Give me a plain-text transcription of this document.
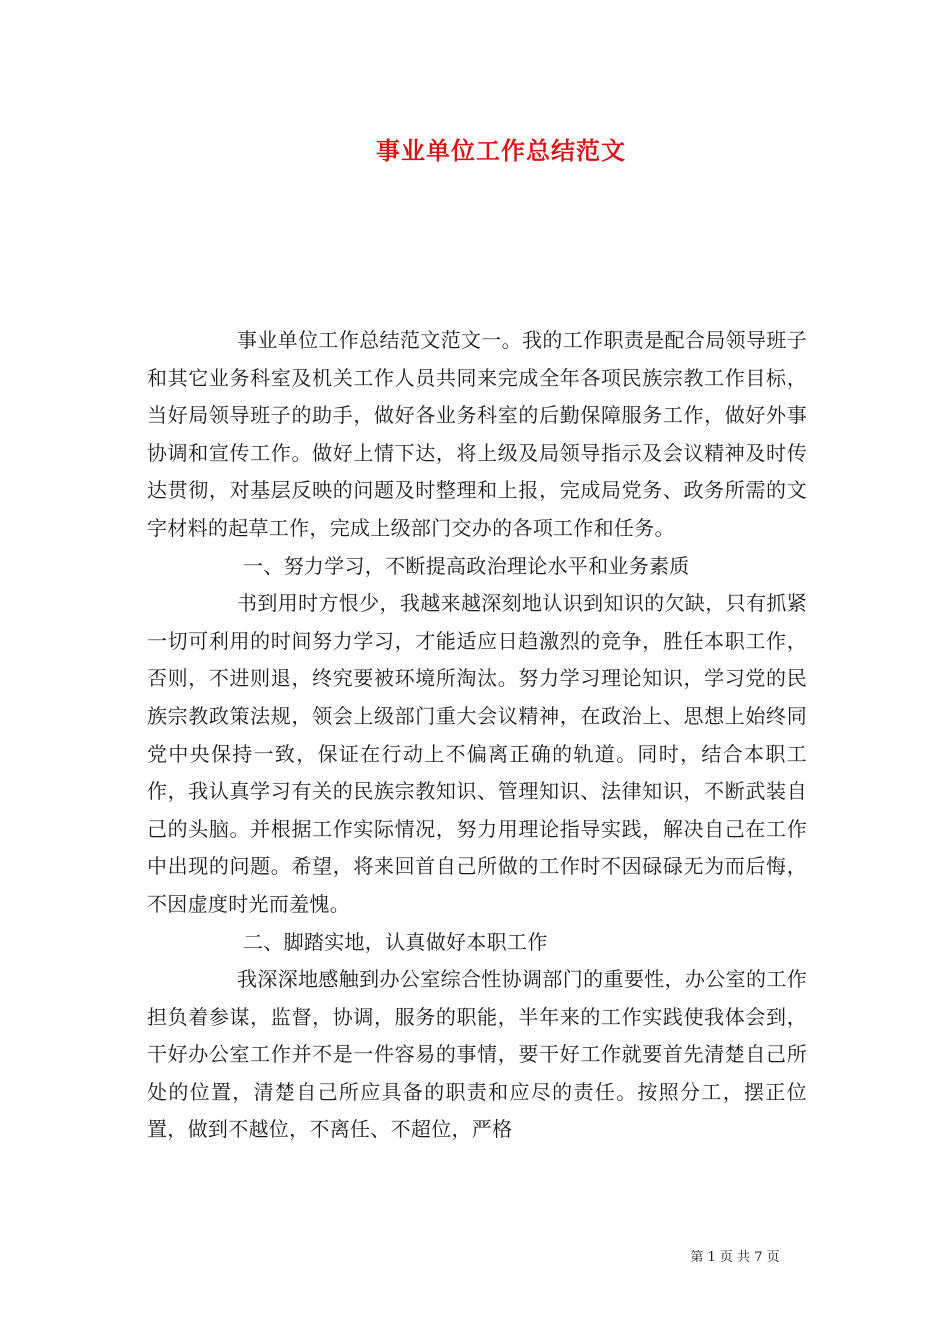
事业单位工作总结范文

事业单位工作总结范文范文一。我的工作职责是配合局领导班子和其它业务科室及机关工作人员共同来完成全年各项民族宗教工作目标，当好局领导班子的助手，做好各业务科室的后勤保障服务工作，做好外事协调和宣传工作。做好上情下达，将上级及局领导指示及会议精神及时传达贯彻，对基层反映的问题及时整理和上报，完成局党务、政务所需的文字材料的起草工作，完成上级部门交办的各项工作和任务。

一、努力学习，不断提高政治理论水平和业务素质

书到用时方恨少，我越来越深刻地认识到知识的欠缺，只有抓紧一切可利用的时间努力学习，才能适应日趋激烈的竞争，胜任本职工作，否则，不进则退，终究要被环境所淘汰。努力学习理论知识，学习党的民族宗教政策法规，领会上级部门重大会议精神，在政治上、思想上始终同党中央保持一致，保证在行动上不偏离正确的轨道。同时，结合本职工作，我认真学习有关的民族宗教知识、管理知识、法律知识，不断武装自己的头脑。并根据工作实际情况，努力用理论指导实践，解决自己在工作中出现的问题。希望，将来回首自己所做的工作时不因碌碌无为而后悔，不因虚度时光而羞愧。

二、脚踏实地，认真做好本职工作

我深深地感触到办公室综合性协调部门的重要性，办公室的工作担负着参谋，监督，协调，服务的职能，半年来的工作实践使我体会到，干好办公室工作并不是一件容易的事情，要干好工作就要首先清楚自己所处的位置，清楚自己所应具备的职责和应尽的责任。按照分工，摆正位置，做到不越位，不离任、不超位，严格

第 1 页 共 7 页
